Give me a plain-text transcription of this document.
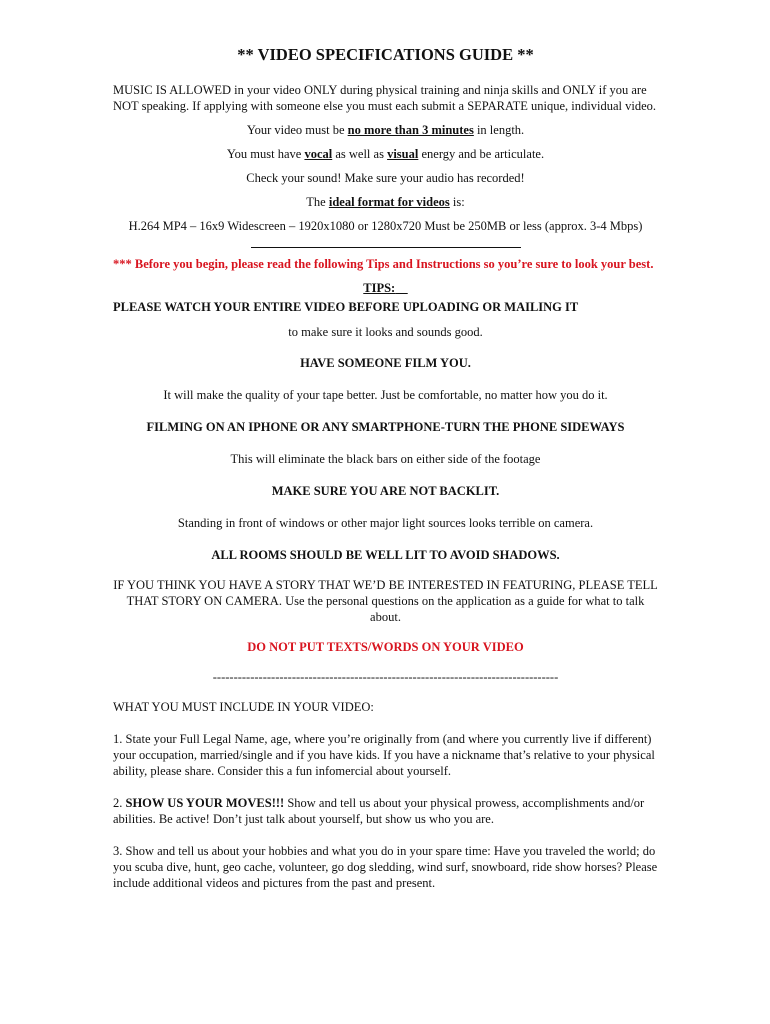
** VIDEO SPECIFICATIONS GUIDE **
MUSIC IS ALLOWED in your video ONLY during physical training and ninja skills and ONLY if you are NOT speaking. If applying with someone else you must each submit a SEPARATE unique, individual video.
Your video must be no more than 3 minutes in length.
You must have vocal as well as visual energy and be articulate.
Check your sound! Make sure your audio has recorded!
The ideal format for videos is:
H.264 MP4 – 16x9 Widescreen – 1920x1080 or 1280x720 Must be 250MB or less (approx. 3-4 Mbps)
*** Before you begin, please read the following Tips and Instructions so you’re sure to look your best.
TIPS:
PLEASE WATCH YOUR ENTIRE VIDEO BEFORE UPLOADING OR MAILING IT
to make sure it looks and sounds good.
HAVE SOMEONE FILM YOU.
It will make the quality of your tape better. Just be comfortable, no matter how you do it.
FILMING ON AN IPHONE OR ANY SMARTPHONE-TURN THE PHONE SIDEWAYS
This will eliminate the black bars on either side of the footage
MAKE SURE YOU ARE NOT BACKLIT.
Standing in front of windows or other major light sources looks terrible on camera.
ALL ROOMS SHOULD BE WELL LIT TO AVOID SHADOWS.
IF YOU THINK YOU HAVE A STORY THAT WE’D BE INTERESTED IN FEATURING, PLEASE TELL THAT STORY ON CAMERA. Use the personal questions on the application as a guide for what to talk about.
DO NOT PUT TEXTS/WORDS ON YOUR VIDEO
-----------------------------------------------------------------------------------
WHAT YOU MUST INCLUDE IN YOUR VIDEO:
1. State your Full Legal Name, age, where you’re originally from (and where you currently live if different) your occupation, married/single and if you have kids. If you have a nickname that’s relative to your physical ability, please share. Consider this a fun infomercial about yourself.
2. SHOW US YOUR MOVES!!! Show and tell us about your physical prowess, accomplishments and/or abilities. Be active! Don’t just talk about yourself, but show us who you are.
3. Show and tell us about your hobbies and what you do in your spare time: Have you traveled the world; do you scuba dive, hunt, geo cache, volunteer, go dog sledding, wind surf, snowboard, ride show horses? Please include additional videos and pictures from the past and present.
